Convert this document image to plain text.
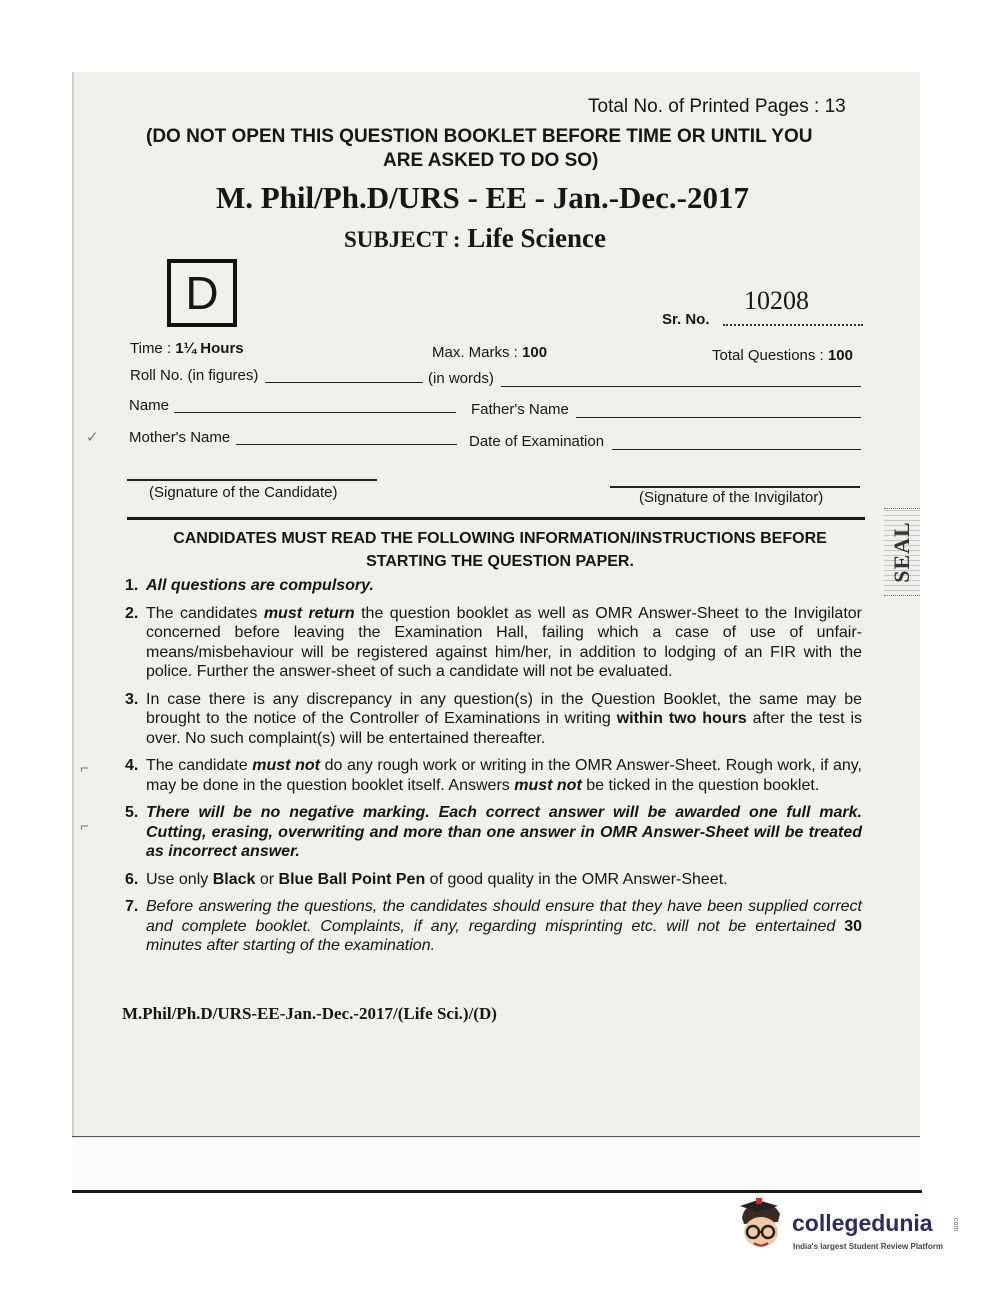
Total No. of Printed Pages : 13
(DO NOT OPEN THIS QUESTION BOOKLET BEFORE TIME OR UNTIL YOU
ARE ASKED TO DO SO)
M. Phil/Ph.D/URS - EE - Jan.-Dec.-2017
SUBJECT : Life Science
D	10208
Sr. No.
Time : 1¼ Hours	Max. Marks : 100	Total Questions : 100
Roll No. (in figures)	(in words)
Name	Father's Name
Mother's Name	Date of Examination
(Signature of the Candidate)	(Signature of the Invigilator)
CANDIDATES MUST READ THE FOLLOWING INFORMATION/INSTRUCTIONS BEFORE
STARTING THE QUESTION PAPER.
1. All questions are compulsory.
2. The candidates must return the question booklet as well as OMR Answer-Sheet to the Invigilator concerned before leaving the Examination Hall, failing which a case of use of unfair-means/misbehaviour will be registered against him/her, in addition to lodging of an FIR with the police. Further the answer-sheet of such a candidate will not be evaluated.
3. In case there is any discrepancy in any question(s) in the Question Booklet, the same may be brought to the notice of the Controller of Examinations in writing within two hours after the test is over. No such complaint(s) will be entertained thereafter.
4. The candidate must not do any rough work or writing in the OMR Answer-Sheet. Rough work, if any, may be done in the question booklet itself. Answers must not be ticked in the question booklet.
5. There will be no negative marking. Each correct answer will be awarded one full mark. Cutting, erasing, overwriting and more than one answer in OMR Answer-Sheet will be treated as incorrect answer.
6. Use only Black or Blue Ball Point Pen of good quality in the OMR Answer-Sheet.
7. Before answering the questions, the candidates should ensure that they have been supplied correct and complete booklet. Complaints, if any, regarding misprinting etc. will not be entertained 30 minutes after starting of the examination.
M.Phil/Ph.D/URS-EE-Jan.-Dec.-2017/(Life Sci.)/(D)
SEAL
✓
⌐
⌐
collegedunia	.com
India's largest Student Review Platform
